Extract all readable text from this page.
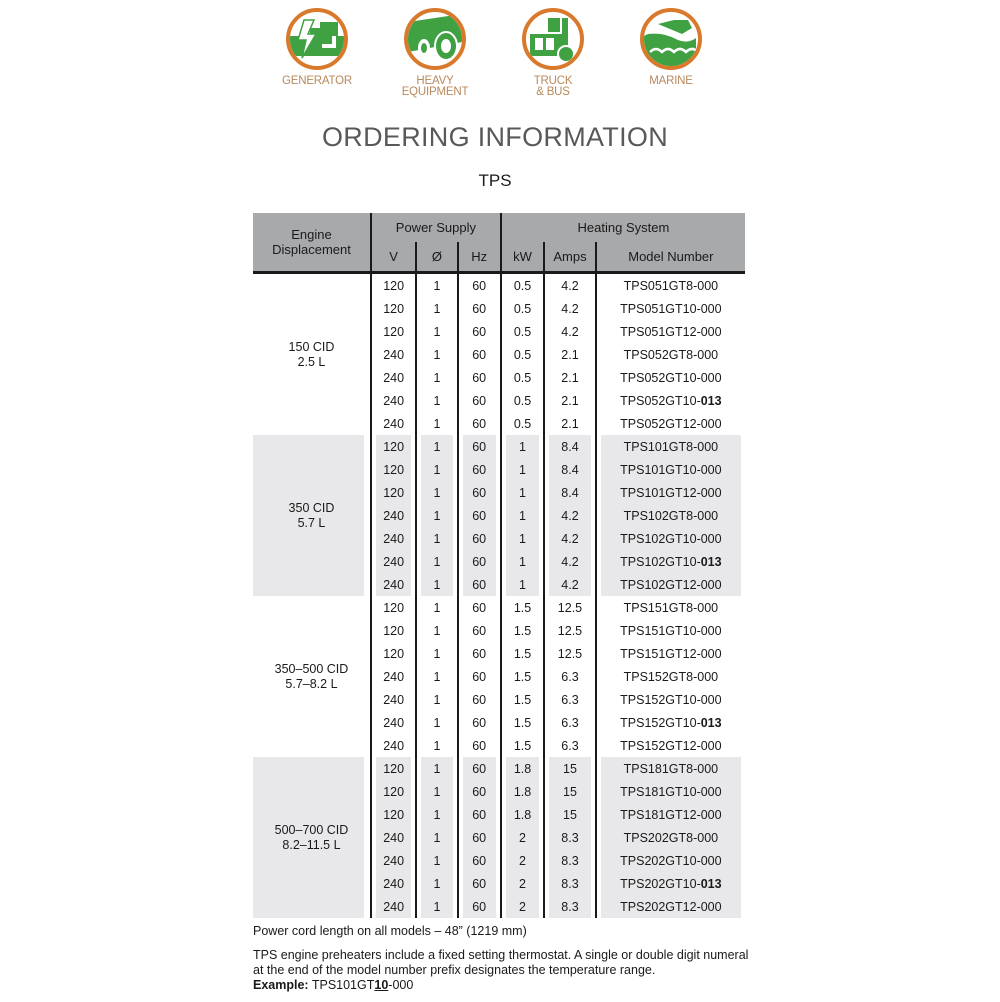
GENERATOR	HEAVY
EQUIPMENT
TRUCK
& BUS
MARINE
ORDERING INFORMATION
TPS
Engine
Displacement	Power Supply			Heating System		
	V	Ø	Hz	kW	Amps	Model Number
150 CID
2.5 L	120	1	60	0.5	4.2	TPS051GT8-000
	120	1	60	0.5	4.2	TPS051GT10-000
	120	1	60	0.5	4.2	TPS051GT12-000
	240	1	60	0.5	2.1	TPS052GT8-000
	240	1	60	0.5	2.1	TPS052GT10-000
	240	1	60	0.5	2.1	TPS052GT10-013
	240	1	60	0.5	2.1	TPS052GT12-000
350 CID
5.7 L	120	1	60	1	8.4	TPS101GT8-000
	120	1	60	1	8.4	TPS101GT10-000
	120	1	60	1	8.4	TPS101GT12-000
	240	1	60	1	4.2	TPS102GT8-000
	240	1	60	1	4.2	TPS102GT10-000
	240	1	60	1	4.2	TPS102GT10-013
	240	1	60	1	4.2	TPS102GT12-000
350–500 CID
5.7–8.2 L	120	1	60	1.5	12.5	TPS151GT8-000
	120	1	60	1.5	12.5	TPS151GT10-000
	120	1	60	1.5	12.5	TPS151GT12-000
	240	1	60	1.5	6.3	TPS152GT8-000
	240	1	60	1.5	6.3	TPS152GT10-000
	240	1	60	1.5	6.3	TPS152GT10-013
	240	1	60	1.5	6.3	TPS152GT12-000
500–700 CID
8.2–11.5 L	120	1	60	1.8	15	TPS181GT8-000
	120	1	60	1.8	15	TPS181GT10-000
	120	1	60	1.8	15	TPS181GT12-000
	240	1	60	2	8.3	TPS202GT8-000
	240	1	60	2	8.3	TPS202GT10-000
	240	1	60	2	8.3	TPS202GT10-013
	240	1	60	2	8.3	TPS202GT12-000

Power cord length on all models – 48” (1219 mm)

TPS engine preheaters include a fixed setting thermostat. A single or double digit numeral at the end of the model number prefix designates the temperature range.
Example: TPS101GT10-000
